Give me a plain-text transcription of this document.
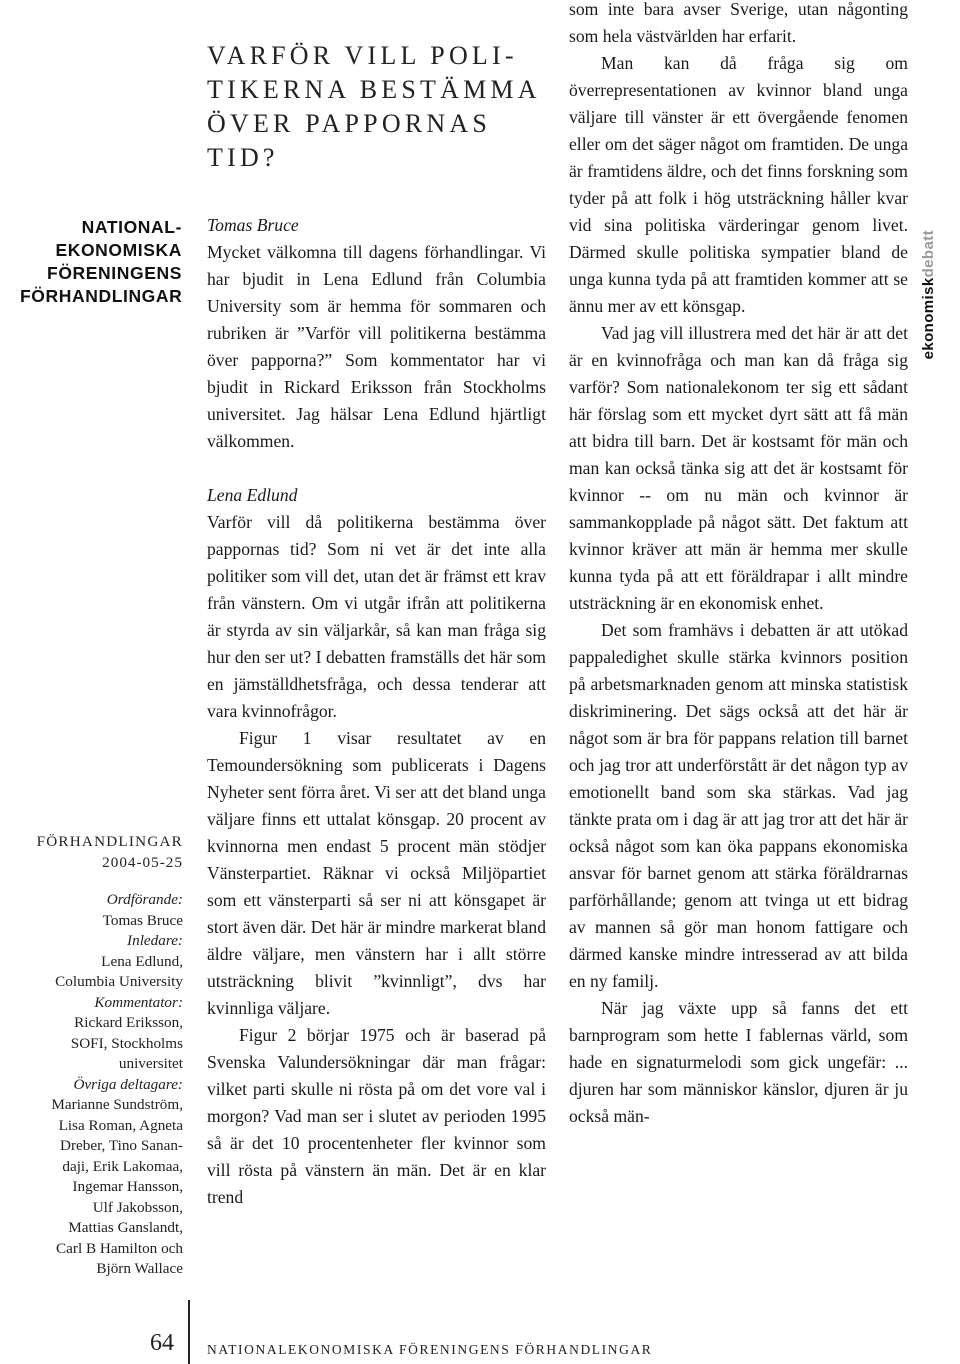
NATIONAL-
EKONOMISKA
FÖRENINGENS
FÖRHANDLINGAR
FÖRHANDLINGAR
2004-05-25
Ordförande:
Tomas Bruce
Inledare:
Lena Edlund,
Columbia University
Kommentator:
Rickard Eriksson,
SOFI, Stockholms
universitet
Övriga deltagare:
Marianne Sundström,
Lisa Roman, Agneta
Dreber, Tino Sanan-
daji, Erik Lakomaa,
Ingemar Hansson,
Ulf Jakobsson,
Mattias Ganslandt,
Carl B Hamilton och
Björn Wallace
VARFÖR VILL POLI-
TIKERNA BESTÄMMA
ÖVER PAPPORNAS TID?

Tomas Bruce

Mycket välkomna till dagens förhandlingar. Vi har bjudit in Lena Edlund från Columbia University som är hemma för sommaren och rubriken är ”Varför vill politikerna bestämma över papporna?” Som kommentator har vi bjudit in Rickard Eriksson från Stockholms universitet. Jag hälsar Lena Edlund hjärtligt välkommen.

Lena Edlund

Varför vill då politikerna bestämma över pappornas tid? Som ni vet är det inte alla politiker som vill det, utan det är främst ett krav från vänstern. Om vi utgår ifrån att politikerna är styrda av sin väljarkår, så kan man fråga sig hur den ser ut? I debatten framställs det här som en jämställdhetsfråga, och dessa tenderar att vara kvinnofrågor.

Figur 1 visar resultatet av en Temoundersökning som publicerats i Dagens Nyheter sent förra året. Vi ser att det bland unga väljare finns ett uttalat könsgap. 20 procent av kvinnorna men endast 5 procent män stödjer Vänsterpartiet. Räknar vi också Miljöpartiet som ett vänsterparti så ser ni att könsgapet är stort även där. Det här är mindre markerat bland äldre väljare, men vänstern har i allt större utsträckning blivit ”kvinnligt”, dvs har kvinnliga väljare.

Figur 2 börjar 1975 och är baserad på Svenska Valundersökningar där man frågar: vilket parti skulle ni rösta på om det vore val i morgon? Vad man ser i slutet av perioden 1995 så är det 10 procentenheter fler kvinnor som vill rösta på vänstern än män. Det är en klar trend

som inte bara avser Sverige, utan någonting som hela västvärlden har erfarit.

Man kan då fråga sig om överrepresentationen av kvinnor bland unga väljare till vänster är ett övergående fenomen eller om det säger något om framtiden. De unga är framtidens äldre, och det finns forskning som tyder på att folk i hög utsträckning håller kvar vid sina politiska värderingar genom livet. Därmed skulle politiska sympatier bland de unga kunna tyda på att framtiden kommer att se ännu mer av ett könsgap.

Vad jag vill illustrera med det här är att det är en kvinnofråga och man kan då fråga sig varför? Som nationalekonom ter sig ett sådant här förslag som ett mycket dyrt sätt att få män att bidra till barn. Det är kostsamt för män och man kan också tänka sig att det är kostsamt för kvinnor -- om nu män och kvinnor är sammankopplade på något sätt. Det faktum att kvinnor kräver att män är hemma mer skulle kunna tyda på att ett föräldrapar i allt mindre utsträckning är en ekonomisk enhet.

Det som framhävs i debatten är att utökad pappaledighet skulle stärka kvinnors position på arbetsmarknaden genom att minska statistisk diskriminering. Det sägs också att det här är något som är bra för pappans relation till barnet och jag tror att underförstått är det någon typ av emotionellt band som ska stärkas. Vad jag tänkte prata om i dag är att jag tror att det här är också något som kan öka pappans ekonomiska ansvar för barnet genom att stärka föräldrarnas parförhållande; genom att tvinga ut ett bidrag av mannen så gör man honom fattigare och därmed kanske mindre intresserad av att bilda en ny familj.

När jag växte upp så fanns det ett barnprogram som hette I fablernas värld, som hade en signaturmelodi som gick ungefär: ... djuren har som människor känslor, djuren är ju också män-

ekonomiskdebatt
64 NATIONALEKONOMISKA FÖRENINGENS FÖRHANDLINGAR
